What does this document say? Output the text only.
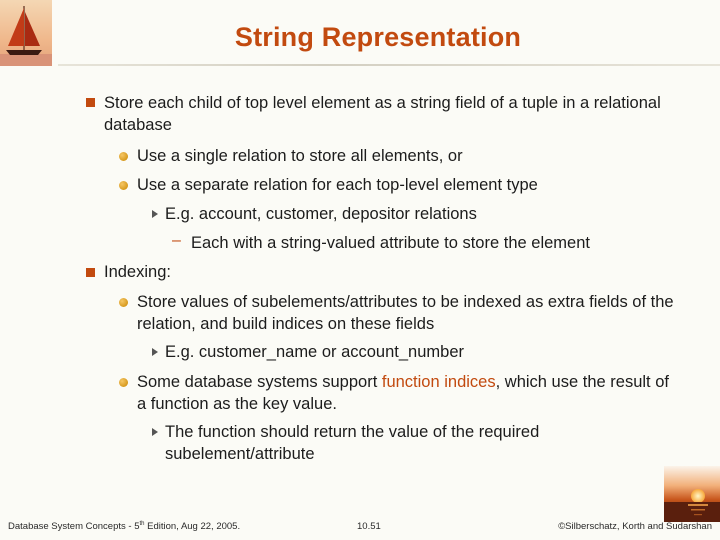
String Representation
Store each child of top level element as a string field of a tuple in a relational database
Use a single relation to store all elements, or
Use a separate relation for each top-level element type
E.g. account, customer, depositor relations
– Each with a string-valued attribute to store the element
Indexing:
Store values of subelements/attributes to be indexed as extra fields of the relation, and build indices on these fields
E.g. customer_name or account_number
Some database systems support function indices, which use the result of a function as the key value.
The function should return the value of the required subelement/attribute
Database System Concepts - 5th Edition, Aug 22, 2005.	10.51	©Silberschatz, Korth and Sudarshan
